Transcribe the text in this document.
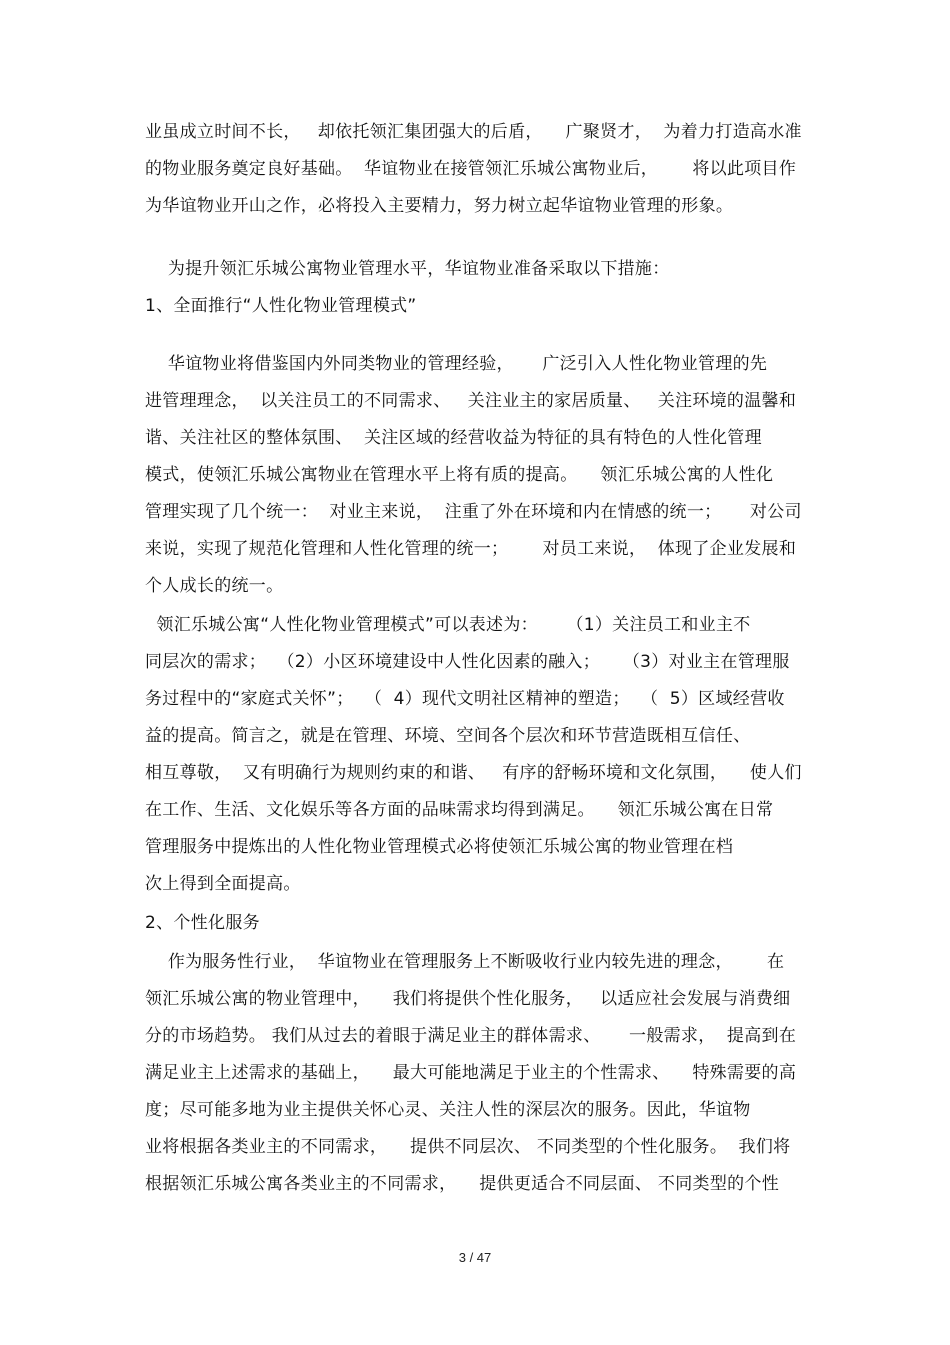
业虽成立时间不长，   却依托领汇集团强大的后盾，    广聚贤才，  为着力打造高水准
的物业服务奠定良好基础。  华谊物业在接管领汇乐城公寓物业后，      将以此项目作
为华谊物业开山之作，必将投入主要精力，努力树立起华谊物业管理的形象。
为提升领汇乐城公寓物业管理水平，华谊物业准备采取以下措施：
1、全面推行“人性化物业管理模式”
华谊物业将借鉴国内外同类物业的管理经验，     广泛引入人性化物业管理的先
进管理理念，  以关注员工的不同需求、   关注业主的家居质量、   关注环境的温馨和
谐、关注社区的整体氛围、  关注区域的经营收益为特征的具有特色的人性化管理
模式，使领汇乐城公寓物业在管理水平上将有质的提高。    领汇乐城公寓的人性化
管理实现了几个统一：  对业主来说，  注重了外在环境和内在情感的统一；     对公司
来说，实现了规范化管理和人性化管理的统一；      对员工来说，  体现了企业发展和
个人成长的统一。
领汇乐城公寓“人性化物业管理模式”可以表述为：     （1）关注员工和业主不
同层次的需求；  （2）小区环境建设中人性化因素的融入；    （3）对业主在管理服
务过程中的“家庭式关怀”；  （  4）现代文明社区精神的塑造；  （  5）区域经营收
益的提高。简言之，就是在管理、环境、空间各个层次和环节营造既相互信任、
相互尊敬，  又有明确行为规则约束的和谐、   有序的舒畅环境和文化氛围，    使人们
在工作、生活、文化娱乐等各方面的品味需求均得到满足。    领汇乐城公寓在日常
管理服务中提炼出的人性化物业管理模式必将使领汇乐城公寓的物业管理在档
次上得到全面提高。
2、个性化服务
作为服务性行业，  华谊物业在管理服务上不断吸收行业内较先进的理念，      在
领汇乐城公寓的物业管理中，    我们将提供个性化服务，   以适应社会发展与消费细
分的市场趋势。 我们从过去的着眼于满足业主的群体需求、     一般需求，  提高到在
满足业主上述需求的基础上，    最大可能地满足于业主的个性需求、    特殊需要的高
度；尽可能多地为业主提供关怀心灵、关注人性的深层次的服务。因此，华谊物
业将根据各类业主的不同需求，    提供不同层次、 不同类型的个性化服务。  我们将
根据领汇乐城公寓各类业主的不同需求，    提供更适合不同层面、 不同类型的个性
3 / 47
